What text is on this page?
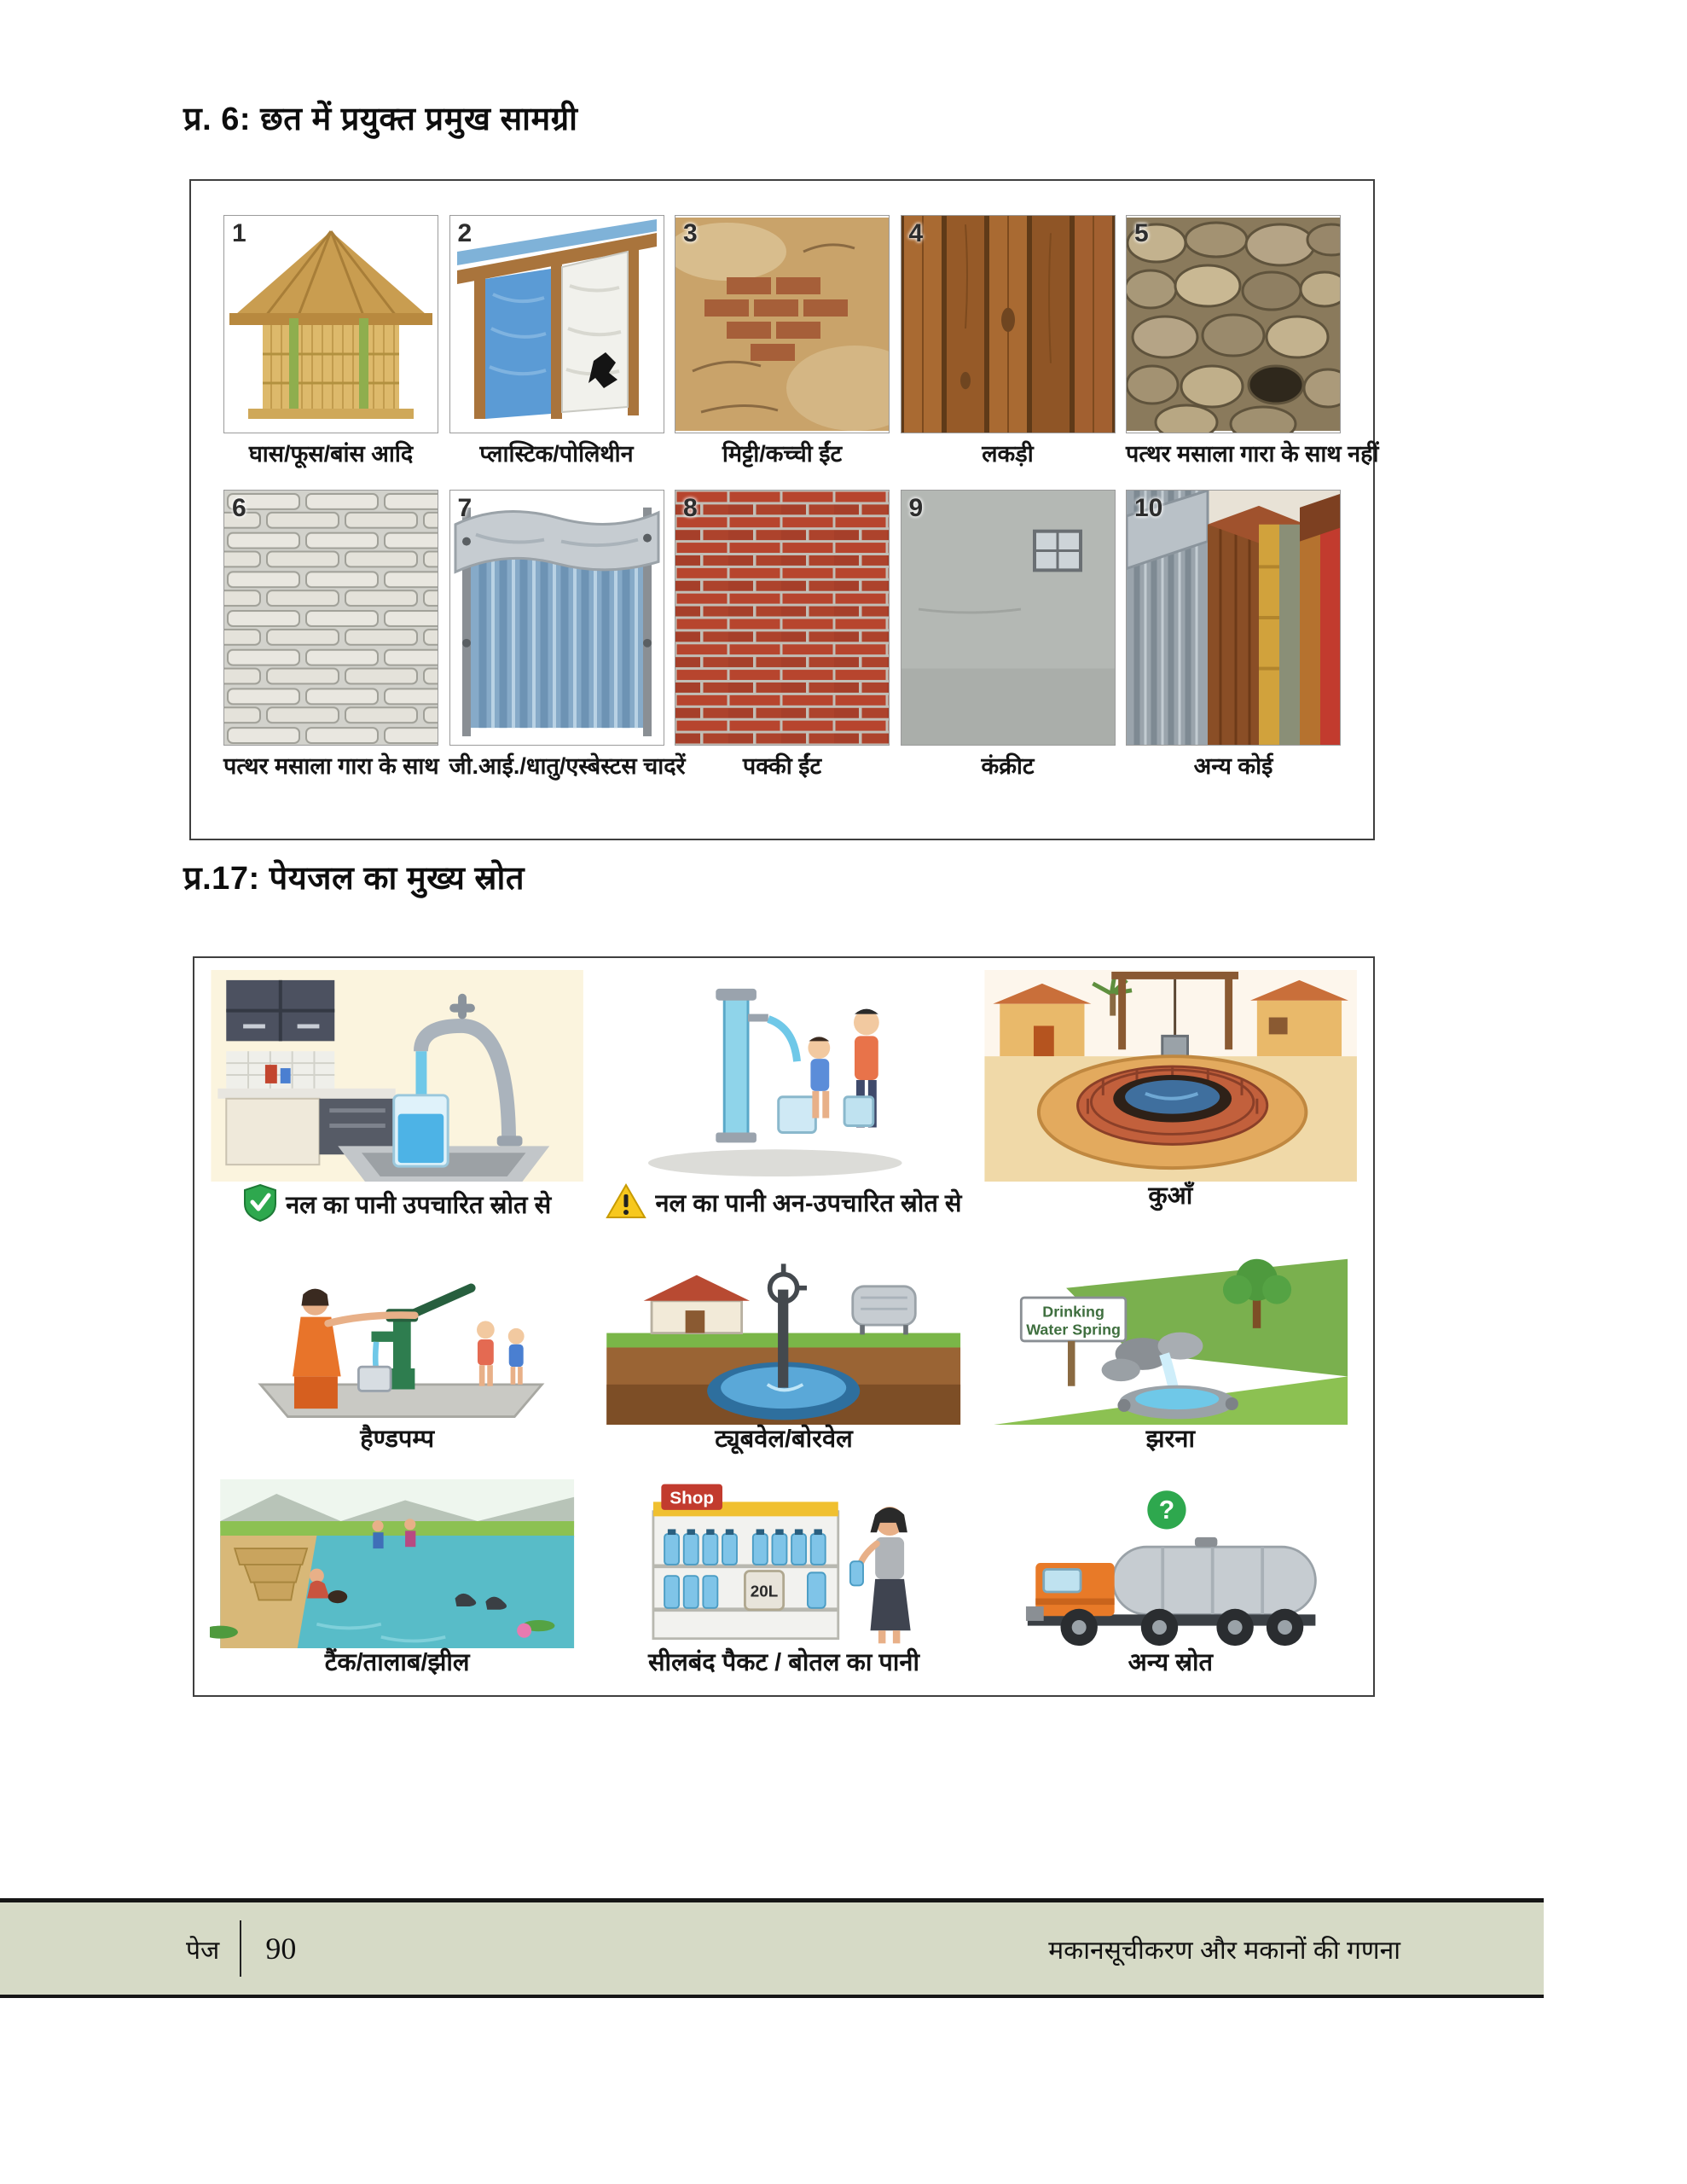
प्र. 6: छत में प्रयुक्त प्रमुख सामग्री
1
घास/फूस/बांस आदि
2
प्लास्टिक/पोलिथीन
3
मिट्टी/कच्ची ईंट
4
लकड़ी
5
पत्थर मसाला गारा के साथ नहीं
6
पत्थर मसाला गारा के साथ
7
जी.आई./धातु/एस्बेस्टस चादरें
8
पक्की ईंट
9
कंक्रीट
10
अन्य कोई
प्र.17: पेयजल का मुख्य स्रोत
नल का पानी उपचारित स्रोत से	नल का पानी अन-उपचारित स्रोत से	कुआँ
हैण्डपम्प	ट्यूबवेल/बोरवेल
Drinking
Water Spring
झरना
टैंक/तालाब/झील
Shop
20L
सीलबंद पैकट / बोतल का पानी
?
अन्य स्रोत
पेज 90	मकानसूचीकरण और मकानों की गणना
